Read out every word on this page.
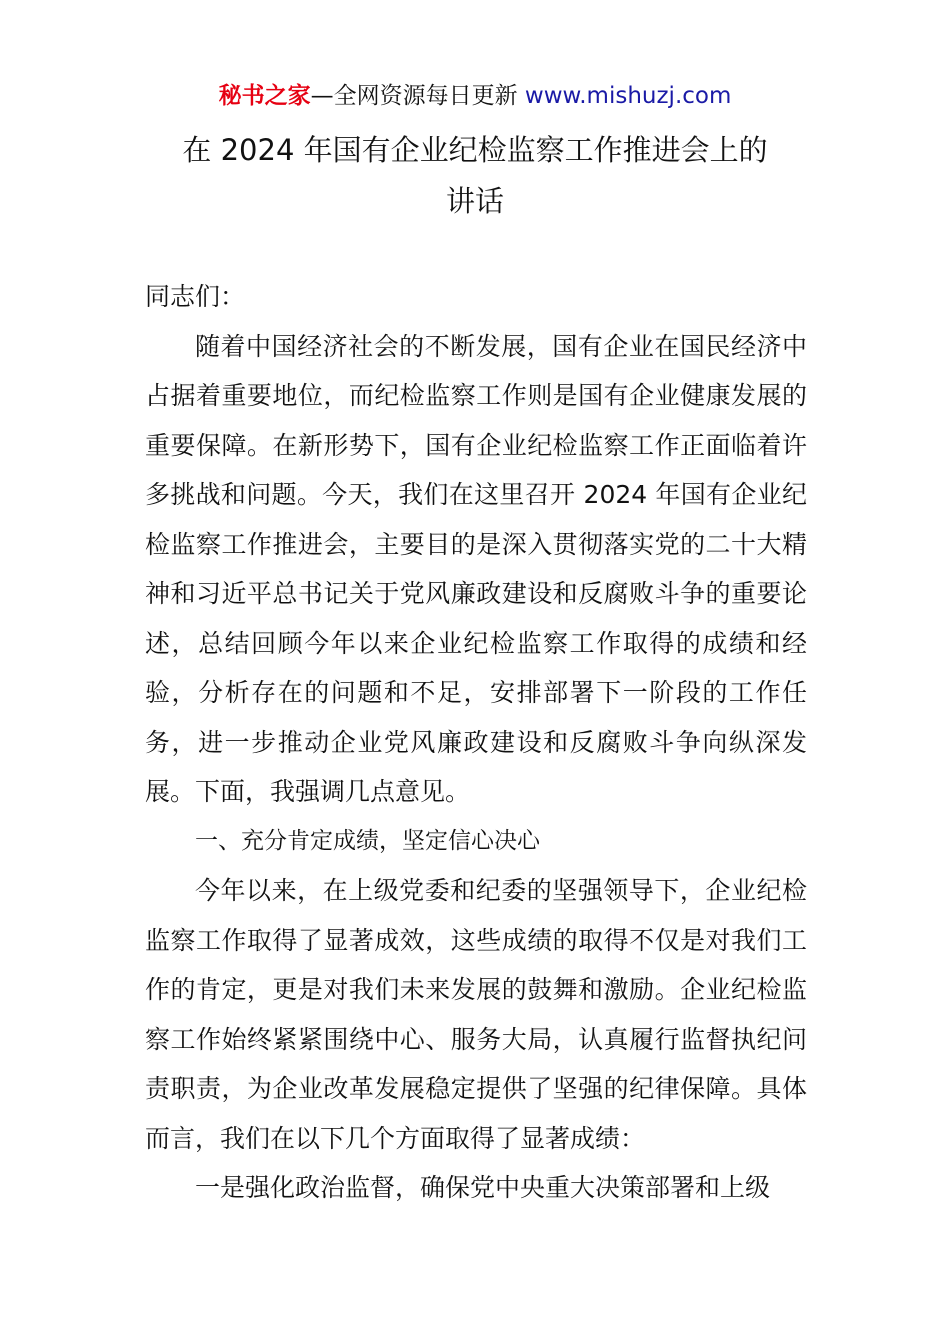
秘书之家—全网资源每日更新 www.mishuzj.com
在 2024 年国有企业纪检监察工作推进会上的
讲话

同志们：

随着中国经济社会的不断发展，国有企业在国民经济中占据着重要地位，而纪检监察工作则是国有企业健康发展的重要保障。在新形势下，国有企业纪检监察工作正面临着许多挑战和问题。今天，我们在这里召开 2024 年国有企业纪检监察工作推进会，主要目的是深入贯彻落实党的二十大精神和习近平总书记关于党风廉政建设和反腐败斗争的重要论述，总结回顾今年以来企业纪检监察工作取得的成绩和经验，分析存在的问题和不足，安排部署下一阶段的工作任务，进一步推动企业党风廉政建设和反腐败斗争向纵深发展。下面，我强调几点意见。

一、充分肯定成绩，坚定信心决心

今年以来，在上级党委和纪委的坚强领导下，企业纪检监察工作取得了显著成效，这些成绩的取得不仅是对我们工作的肯定，更是对我们未来发展的鼓舞和激励。企业纪检监察工作始终紧紧围绕中心、服务大局，认真履行监督执纪问责职责，为企业改革发展稳定提供了坚强的纪律保障。具体而言，我们在以下几个方面取得了显著成绩：

一是强化政治监督，确保党中央重大决策部署和上级
